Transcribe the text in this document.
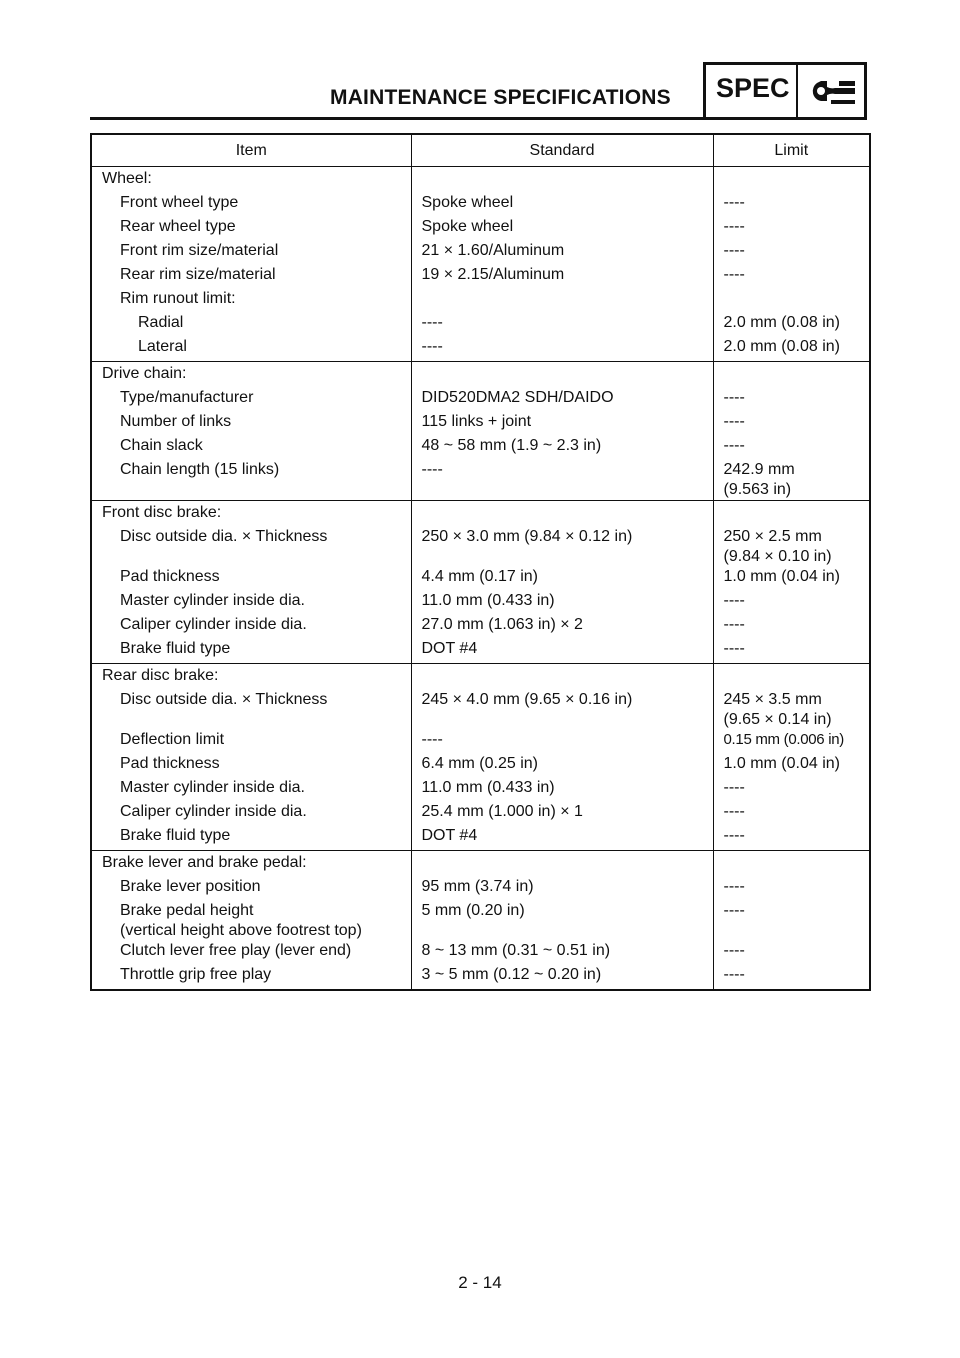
MAINTENANCE SPECIFICATIONS SPEC
Item	Standard	Limit
Wheel:		

Front wheel type	Spoke wheel	----

Rear wheel type	Spoke wheel	----

Front rim size/material	21 × 1.60/Aluminum	----

Rear rim size/material	19 × 2.15/Aluminum	----

Rim runout limit:		

Radial	----	2.0 mm (0.08 in)

Lateral	----	2.0 mm (0.08 in)

Drive chain:		

Type/manufacturer	DID520DMA2 SDH/DAIDO	----

Number of links	115 links + joint	----

Chain slack	48 ~ 58 mm (1.9 ~ 2.3 in)	----

Chain length (15 links)	----	242.9 mm
(9.563 in)

Front disc brake:		

Disc outside dia. × Thickness	250 × 3.0 mm (9.84 × 0.12 in)	250 × 2.5 mm
(9.84 × 0.10 in)

Pad thickness	4.4 mm (0.17 in)	1.0 mm (0.04 in)

Master cylinder inside dia.	11.0 mm (0.433 in)	----

Caliper cylinder inside dia.	27.0 mm (1.063 in) × 2	----

Brake fluid type	DOT #4	----

Rear disc brake:		

Disc outside dia. × Thickness	245 × 4.0 mm (9.65 × 0.16 in)	245 × 3.5 mm
(9.65 × 0.14 in)

Deflection limit	----	0.15 mm (0.006 in)

Pad thickness	6.4 mm (0.25 in)	1.0 mm (0.04 in)

Master cylinder inside dia.	11.0 mm (0.433 in)	----

Caliper cylinder inside dia.	25.4 mm (1.000 in) × 1	----

Brake fluid type	DOT #4	----

Brake lever and brake pedal:		

Brake lever position	95 mm (3.74 in)	----

Brake pedal height
(vertical height above footrest top)	5 mm (0.20 in)	----

Clutch lever free play (lever end)	8 ~ 13 mm (0.31 ~ 0.51 in)	----

Throttle grip free play	3 ~ 5 mm (0.12 ~ 0.20 in)	----
2 - 14
